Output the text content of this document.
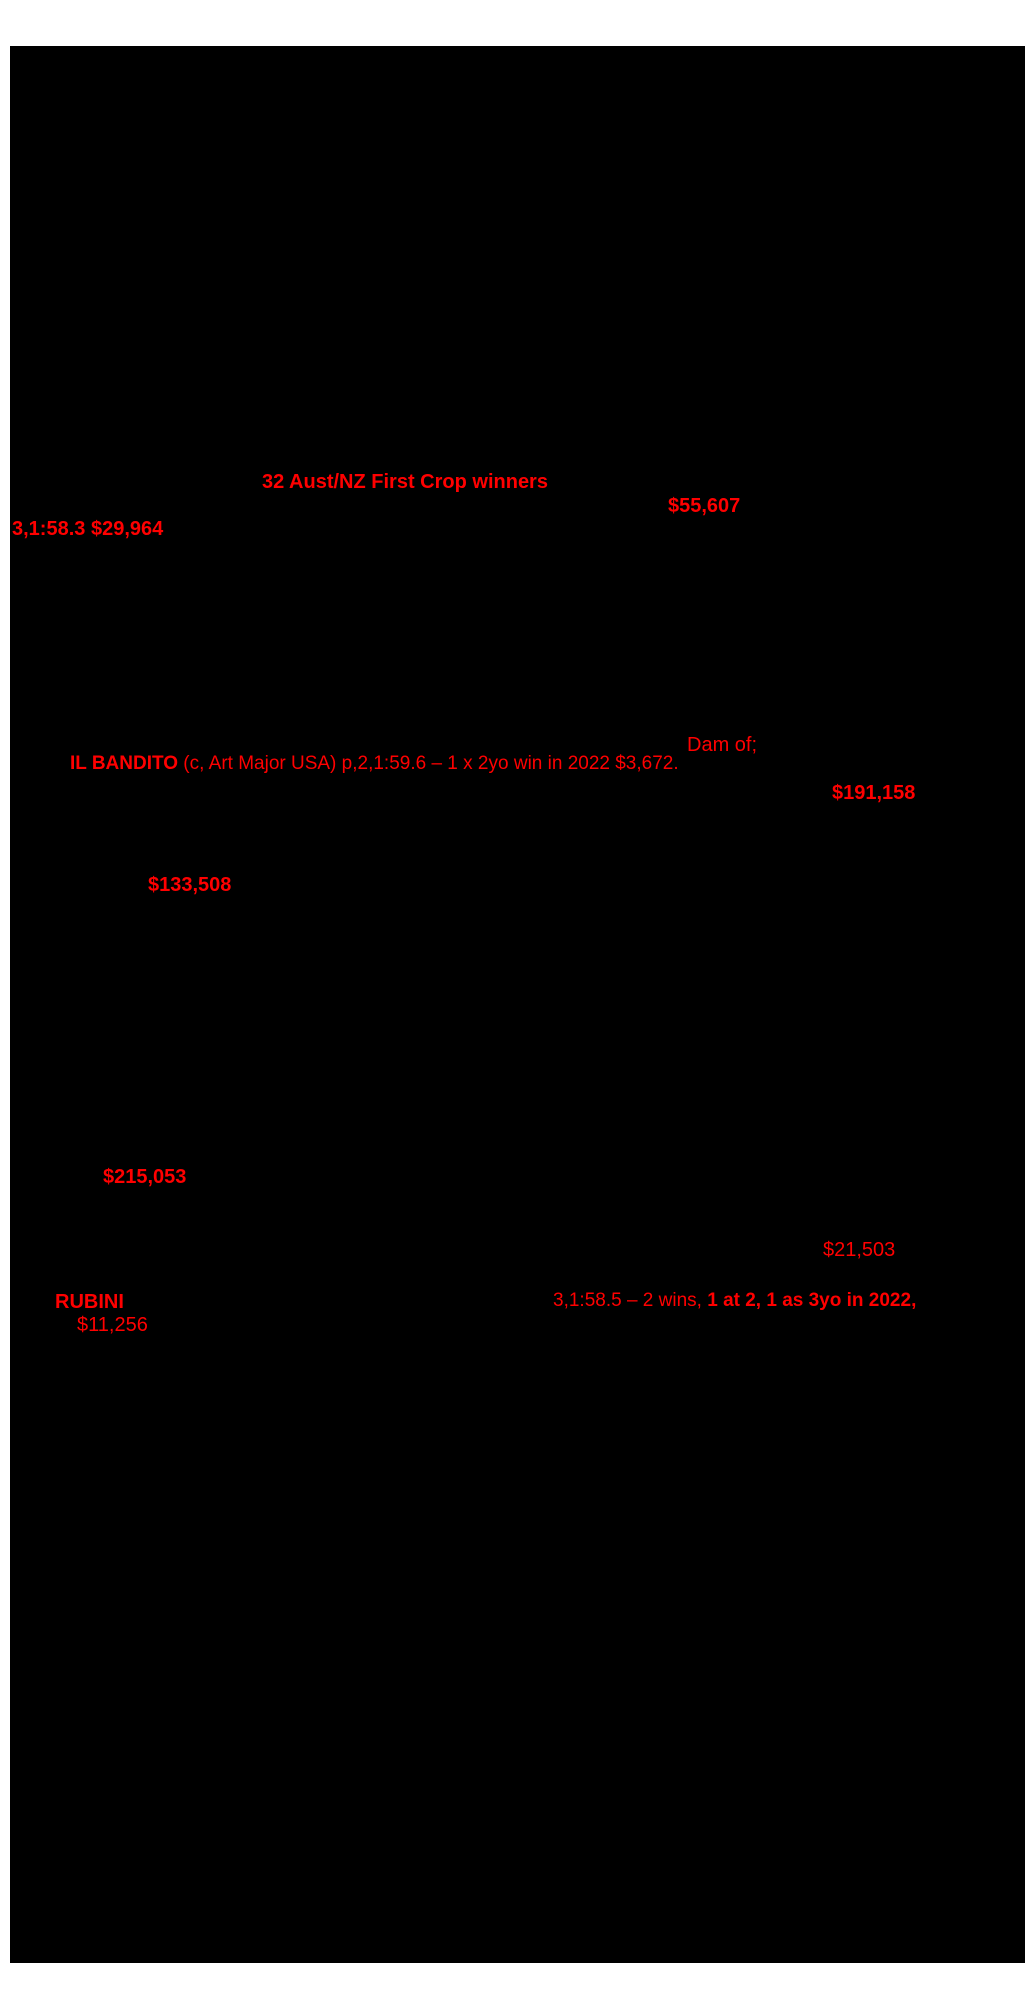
32 Aust/NZ First Crop winners
$55,607
3,1:58.3 $29,964
Dam of;
IL BANDITO (c, Art Major USA) p,2,1:59.6 – 1 x 2yo win in 2022 $3,672.
$191,158
$133,508
$215,053
$21,503
RUBINI	3,1:58.5 – 2 wins, 1 at 2, 1 as 3yo in 2022,
$11,256
